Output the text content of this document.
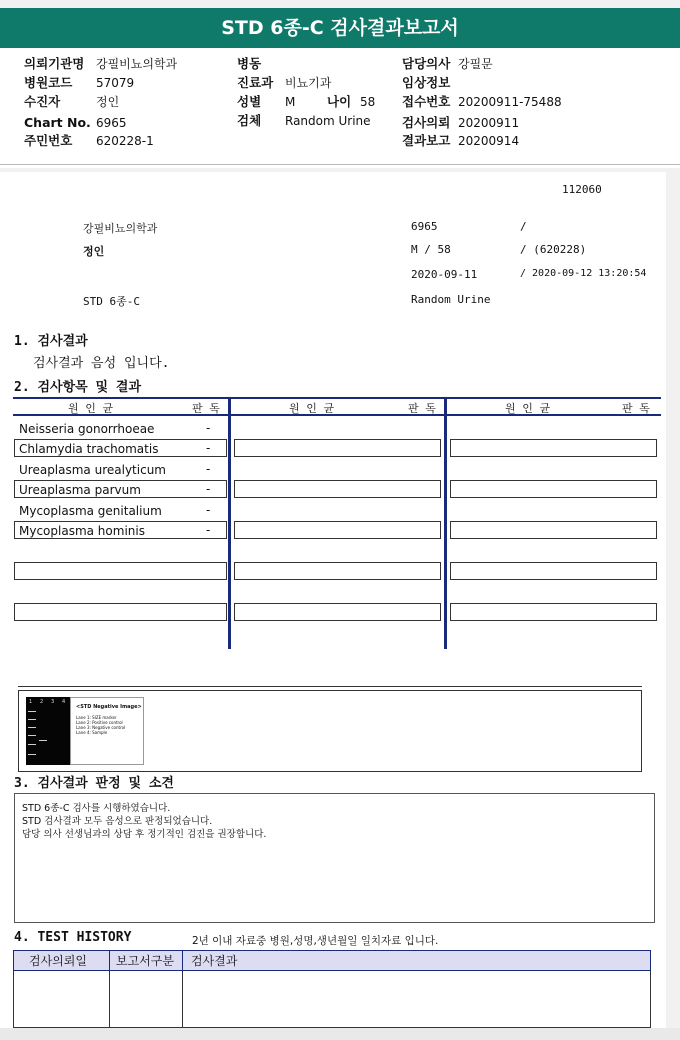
STD 6종-C 검사결과보고서
의뢰기관명 강필비뇨의학과
병원코드 57079
수진자	정인
Chart No. 6965
주민번호 620228-1
병동
진료과 비뇨기과
성별 M	나이 58
검체 Random Urine
담당의사 강필문
임상정보
접수번호 20200911-75488
검사의뢰 20200911
결과보고 20200914
112060
강필비뇨의학과	6965	/
정인	M / 58	/ (620228)
2020-09-11	/ 2020-09-12 13:20:54
STD 6종-C	Random Urine
1. 검사결과
검사결과 음성 입니다.
2. 검사항목 및 결과
원 인 균	판 독	원 인 균	판 독	원 인 균	판 독
Neisseria gonorrhoeae	-
Chlamydia trachomatis	-
Ureaplasma urealyticum	-
Ureaplasma parvum	-
Mycoplasma genitalium	-
Mycoplasma hominis	-
1 2 3 4
<STD Negative Image>
Lane 1: SIZE marker
Lane 2: Positive control
Lane 3: Negative control
Lane 4: Sample
3. 검사결과 판정 및 소견
STD 6종-C 검사를 시행하였습니다.
STD 검사결과 모두 음성으로 판정되었습니다.
담당 의사 선생님과의 상담 후 정기적인 검진을 권장합니다.
4. TEST HISTORY	2년 이내 자료중 병원,성명,생년월일 일치자료 입니다.
검사의뢰일	보고서구분	검사결과
